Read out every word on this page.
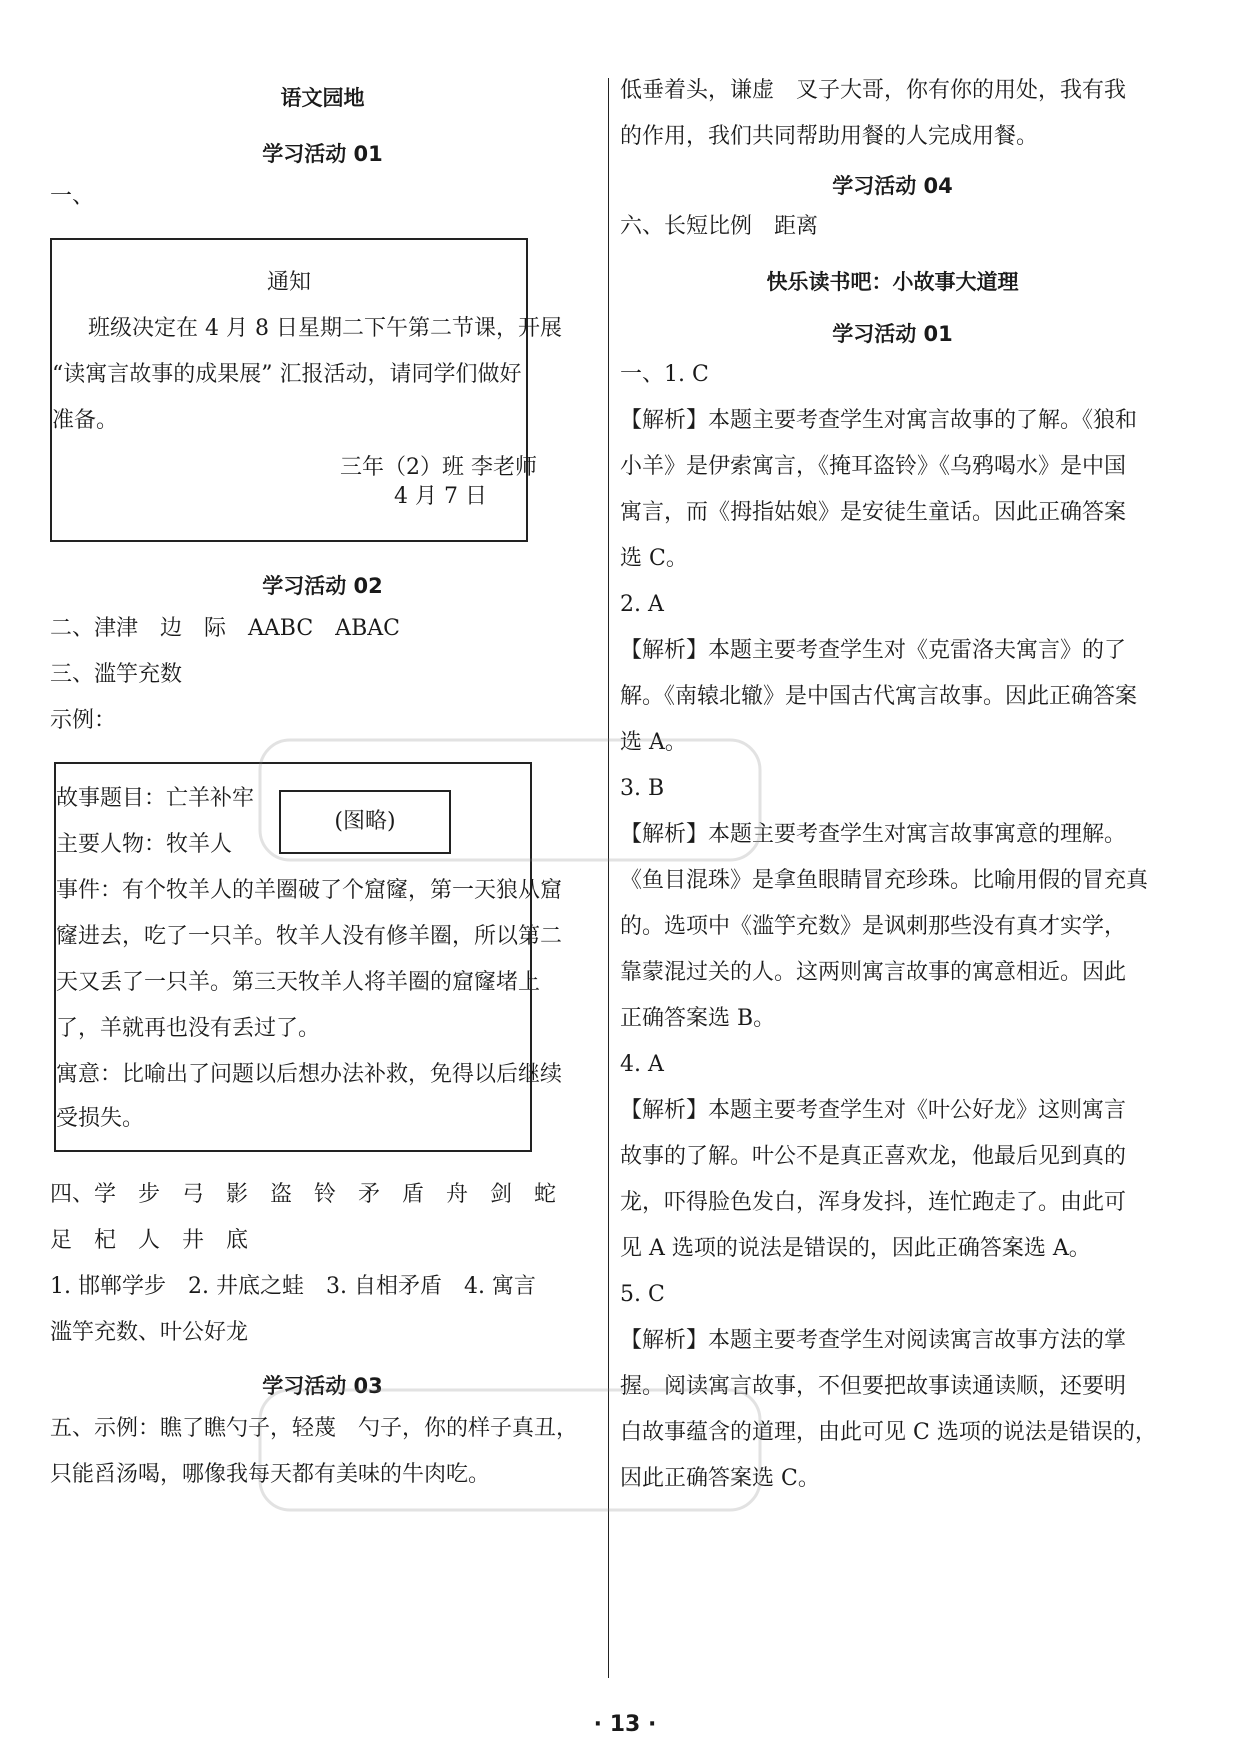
语文园地
学习活动 01
一、
通知
班级决定在 4 月 8 日星期二下午第二节课，开展
“读寓言故事的成果展” 汇报活动，请同学们做好
准备。
三年（2）班 李老师
4 月 7 日
学习活动 02
二、津津　边　际　AABC　ABAC
三、滥竽充数
示例：
故事题目：亡羊补牢
(图略)
主要人物：牧羊人
事件：有个牧羊人的羊圈破了个窟窿，第一天狼从窟
窿进去，吃了一只羊。牧羊人没有修羊圈，所以第二
天又丢了一只羊。第三天牧羊人将羊圈的窟窿堵上
了，羊就再也没有丢过了。
寓意：比喻出了问题以后想办法补救，免得以后继续
受损失。
四、学　步　弓　影　盗　铃　矛　盾　舟　剑　蛇
足　杞　人　井　底
1. 邯郸学步　2. 井底之蛙　3. 自相矛盾　4. 寓言
滥竽充数、叶公好龙
学习活动 03
五、示例：瞧了瞧勺子，轻蔑　勺子，你的样子真丑，
只能舀汤喝，哪像我每天都有美味的牛肉吃。
低垂着头，谦虚　叉子大哥，你有你的用处，我有我
的作用，我们共同帮助用餐的人完成用餐。
学习活动 04
六、长短比例　距离
快乐读书吧：小故事大道理
学习活动 01
一、1. C
【解析】本题主要考查学生对寓言故事的了解。《狼和
小羊》是伊索寓言，《掩耳盗铃》《乌鸦喝水》是中国
寓言，而《拇指姑娘》是安徒生童话。因此正确答案
选 C。
2. A
【解析】本题主要考查学生对《克雷洛夫寓言》的了
解。《南辕北辙》是中国古代寓言故事。因此正确答案
选 A。
3. B
【解析】本题主要考查学生对寓言故事寓意的理解。
《鱼目混珠》是拿鱼眼睛冒充珍珠。比喻用假的冒充真
的。选项中《滥竽充数》是讽刺那些没有真才实学，
靠蒙混过关的人。这两则寓言故事的寓意相近。因此
正确答案选 B。
4. A
【解析】本题主要考查学生对《叶公好龙》这则寓言
故事的了解。叶公不是真正喜欢龙，他最后见到真的
龙，吓得脸色发白，浑身发抖，连忙跑走了。由此可
见 A 选项的说法是错误的，因此正确答案选 A。
5. C
【解析】本题主要考查学生对阅读寓言故事方法的掌
握。阅读寓言故事，不但要把故事读通读顺，还要明
白故事蕴含的道理，由此可见 C 选项的说法是错误的，
因此正确答案选 C。
· 13 ·
